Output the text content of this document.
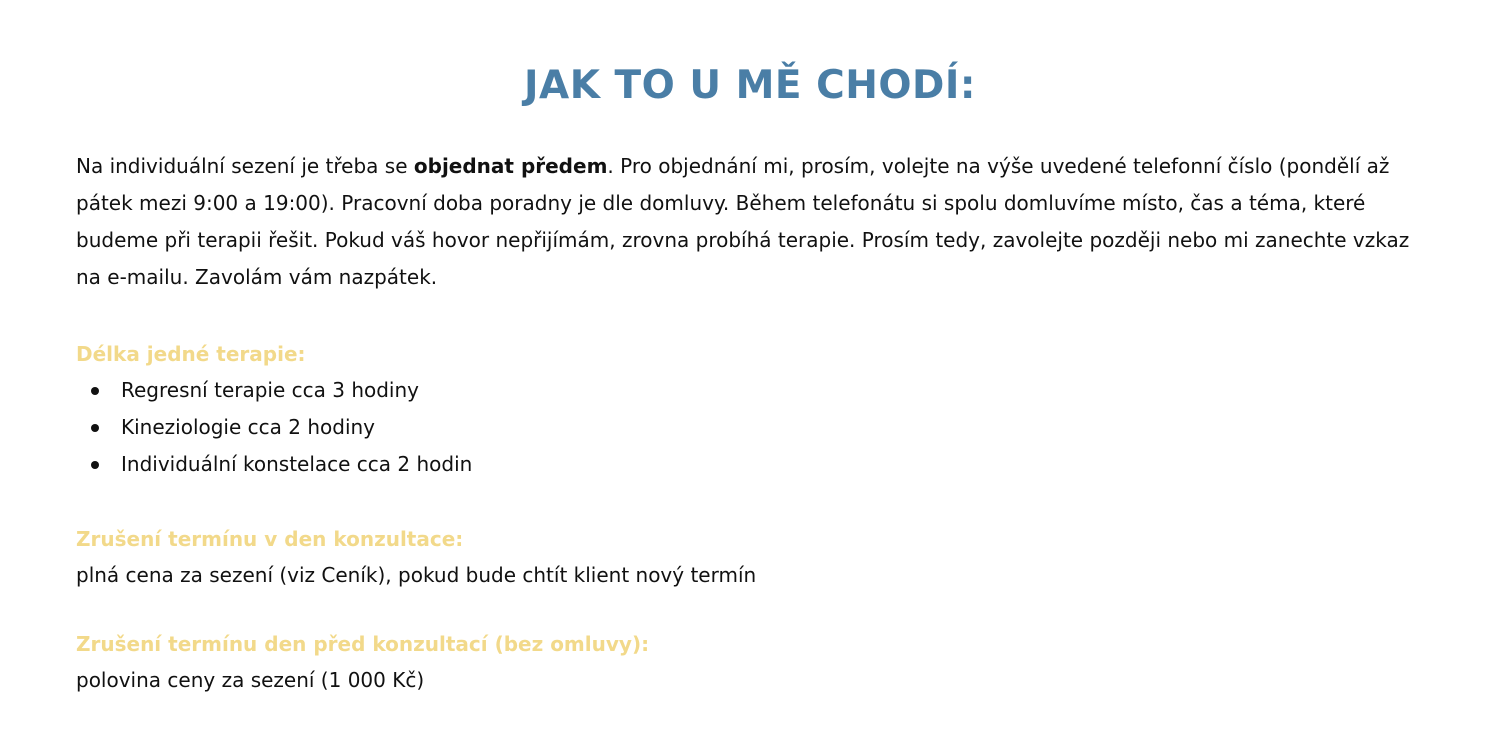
JAK TO U MĚ CHODÍ:

Na individuální sezení je třeba se objednat předem. Pro objednání mi, prosím, volejte na výše uvedené telefonní číslo (pondělí až pátek mezi 9:00 a 19:00). Pracovní doba poradny je dle domluvy. Během telefonátu si spolu domluvíme místo, čas a téma, které budeme při terapii řešit. Pokud váš hovor nepřijímám, zrovna probíhá terapie. Prosím tedy, zavolejte později nebo mi zanechte vzkaz na e-mailu. Zavolám vám nazpátek.

Délka jedné terapie:
Regresní terapie cca 3 hodiny
Kineziologie cca 2 hodiny
Individuální konstelace cca 2 hodin
Zrušení termínu v den konzultace:

plná cena za sezení (viz Ceník), pokud bude chtít klient nový termín

Zrušení termínu den před konzultací (bez omluvy):

polovina ceny za sezení (1 000 Kč)
